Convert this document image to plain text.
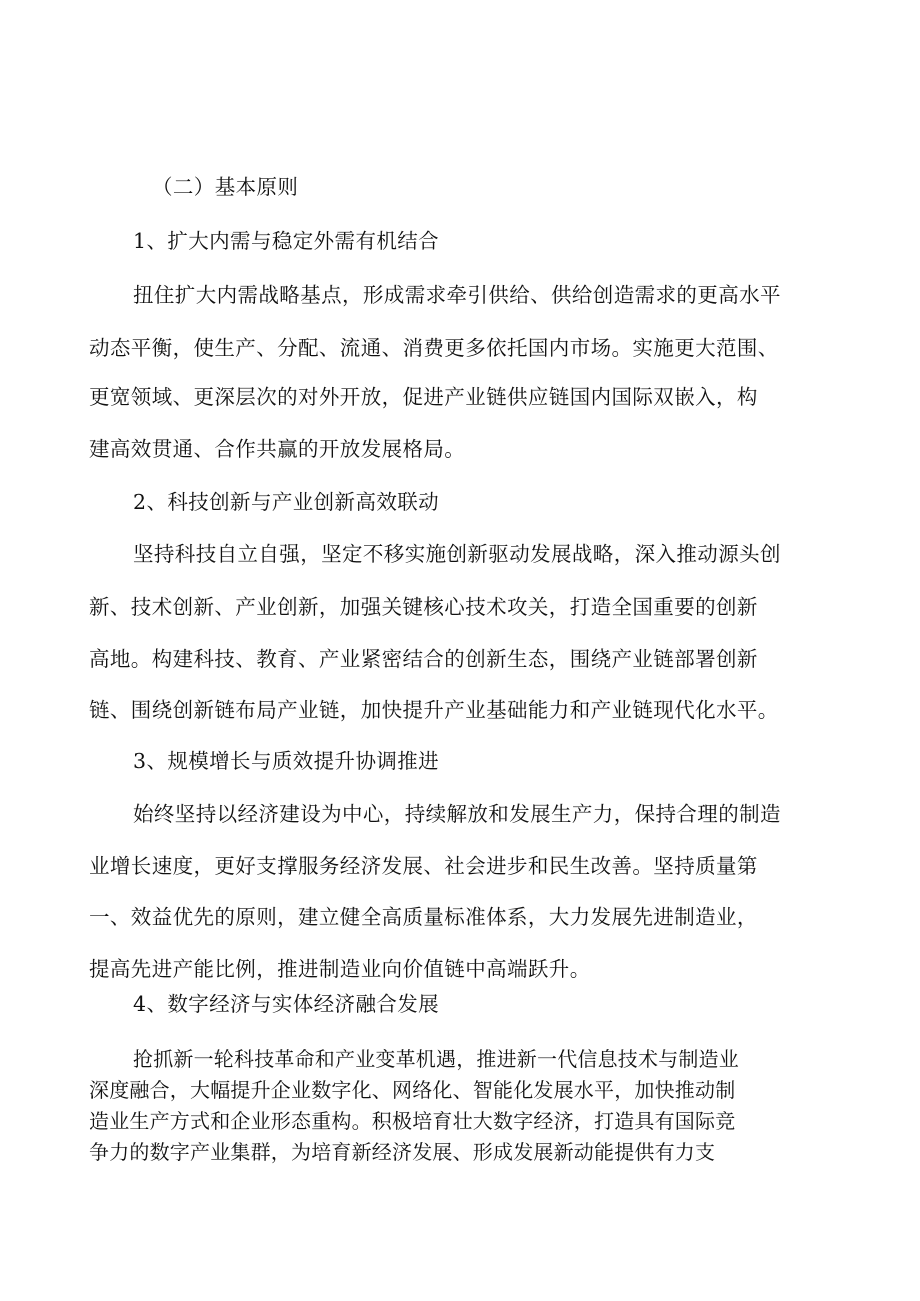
（二）基本原则

1、扩大内需与稳定外需有机结合

扭住扩大内需战略基点，形成需求牵引供给、供给创造需求的更高水平

动态平衡，使生产、分配、流通、消费更多依托国内市场。实施更大范围、

更宽领域、更深层次的对外开放，促进产业链供应链国内国际双嵌入，构

建高效贯通、合作共赢的开放发展格局。

2、科技创新与产业创新高效联动

坚持科技自立自强，坚定不移实施创新驱动发展战略，深入推动源头创

新、技术创新、产业创新，加强关键核心技术攻关，打造全国重要的创新

高地。构建科技、教育、产业紧密结合的创新生态，围绕产业链部署创新

链、围绕创新链布局产业链，加快提升产业基础能力和产业链现代化水平。

3、规模增长与质效提升协调推进

始终坚持以经济建设为中心，持续解放和发展生产力，保持合理的制造

业增长速度，更好支撑服务经济发展、社会进步和民生改善。坚持质量第

一、效益优先的原则，建立健全高质量标准体系，大力发展先进制造业，

提高先进产能比例，推进制造业向价值链中高端跃升。

4、数字经济与实体经济融合发展

抢抓新一轮科技革命和产业变革机遇，推进新一代信息技术与制造业

深度融合，大幅提升企业数字化、网络化、智能化发展水平，加快推动制

造业生产方式和企业形态重构。积极培育壮大数字经济，打造具有国际竞

争力的数字产业集群，为培育新经济发展、形成发展新动能提供有力支
